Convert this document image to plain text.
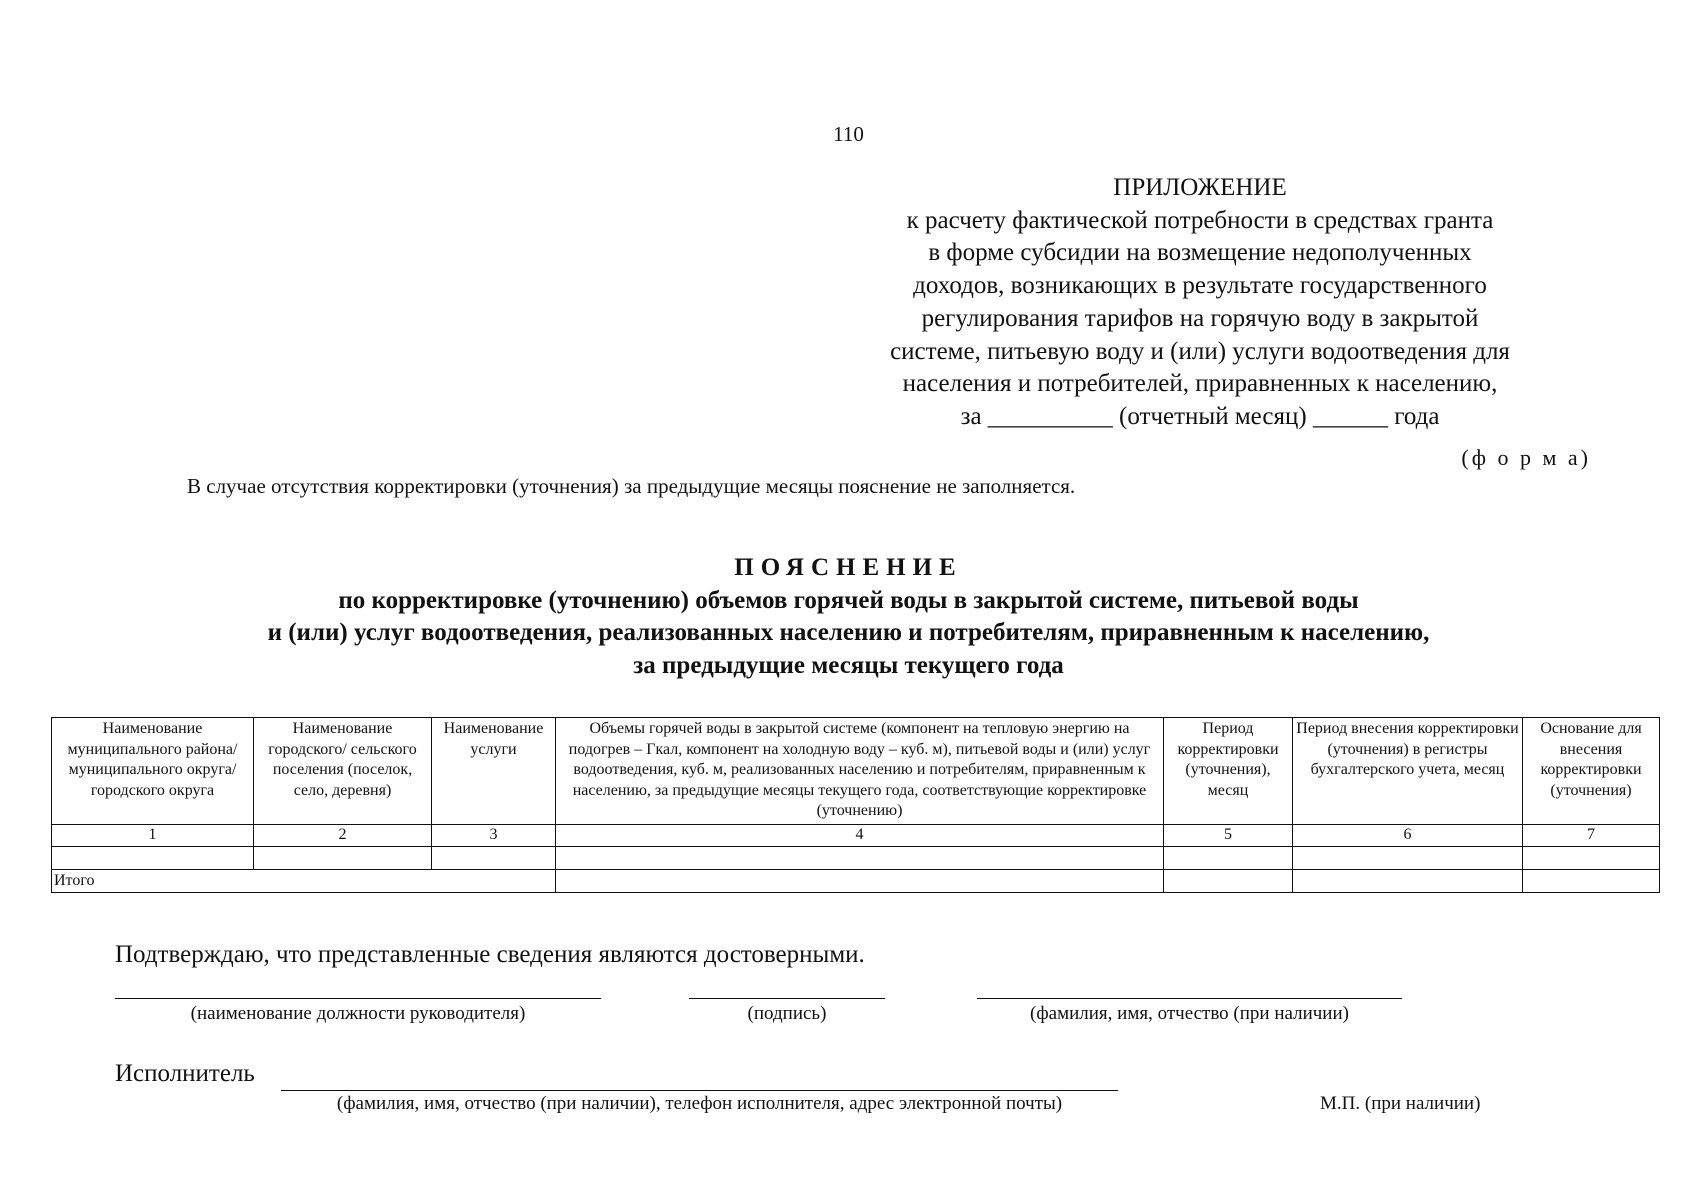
110
ПРИЛОЖЕНИЕ
к расчету фактической потребности в средствах гранта
в форме субсидии на возмещение недополученных
доходов, возникающих в результате государственного
регулирования тарифов на горячую воду в закрытой
системе, питьевую воду и (или) услуги водоотведения для
населения и потребителей, приравненных к населению,
за __________ (отчетный месяц) ______ года
(ф о р м а)
В случае отсутствия корректировки (уточнения) за предыдущие месяцы пояснение не заполняется.
ПОЯСНЕНИЕ
по корректировке (уточнению) объемов горячей воды в закрытой системе, питьевой воды
и (или) услуг водоотведения, реализованных населению и потребителям, приравненным к населению,
за предыдущие месяцы текущего года
Наименование муниципального района/ муниципального округа/ городского округа	Наименование городского/ сельского поселения (поселок, село, деревня)	Наименование услуги	Объемы горячей воды в закрытой системе (компонент на тепловую энергию на подогрев – Гкал, компонент на холодную воду – куб. м), питьевой воды и (или) услуг водоотведения, куб. м, реализованных населению и потребителям, приравненным к населению, за предыдущие месяцы текущего года, соответствующие корректировке (уточнению)	Период корректировки (уточнения), месяц	Период внесения корректировки (уточнения) в регистры бухгалтерского учета, месяц	Основание для внесения корректировки (уточнения)
1	2	3	4	5	6	7

Итого						
Подтверждаю, что представленные сведения являются достоверными.
(наименование должности руководителя)	(подпись)	(фамилия, имя, отчество (при наличии)
Исполнитель
(фамилия, имя, отчество (при наличии), телефон исполнителя, адрес электронной почты)	М.П. (при наличии)
